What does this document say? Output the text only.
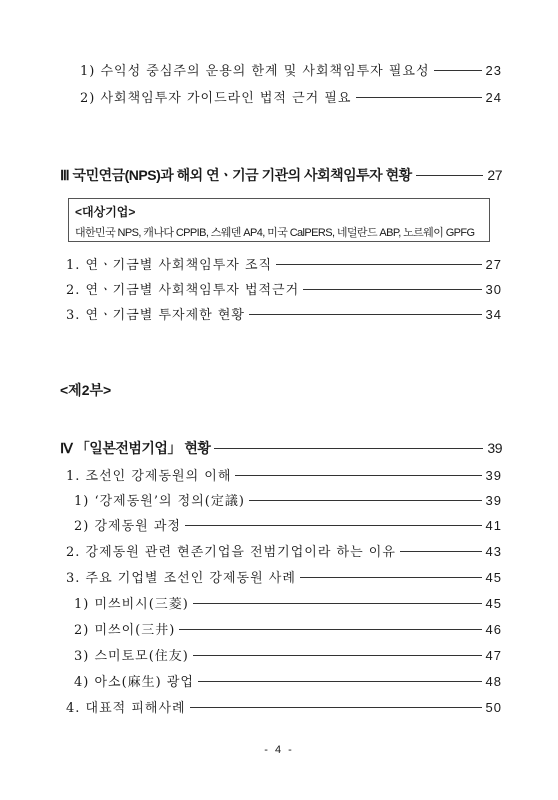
1) 수익성 중심주의 운용의 한계 및 사회책임투자 필요성	23
2) 사회책임투자 가이드라인 법적 근거 필요	24
Ⅲ 국민연금(NPS)과 해외 연ㆍ기금 기관의 사회책임투자 현황	27
<대상기업>
대한민국 NPS, 캐나다 CPPIB, 스웨덴 AP4, 미국 CalPERS, 네덜란드 ABP, 노르웨이 GPFG
1. 연ㆍ기금별 사회책임투자 조직	27
2. 연ㆍ기금별 사회책임투자 법적근거	30
3. 연ㆍ기금별 투자제한 현황	34
<제2부>
Ⅳ 「일본전범기업」 현황	39
1. 조선인 강제동원의 이해	39
1) ‘강제동원’의 정의(定議)	39
2) 강제동원 과정	41
2. 강제동원 관련 현존기업을 전범기업이라 하는 이유	43
3. 주요 기업별 조선인 강제동원 사례	45
1) 미쓰비시(三菱)	45
2) 미쓰이(三井)	46
3) 스미토모(住友)	47
4) 아소(麻生) 광업	48
4. 대표적 피해사례	50
- 4 -
